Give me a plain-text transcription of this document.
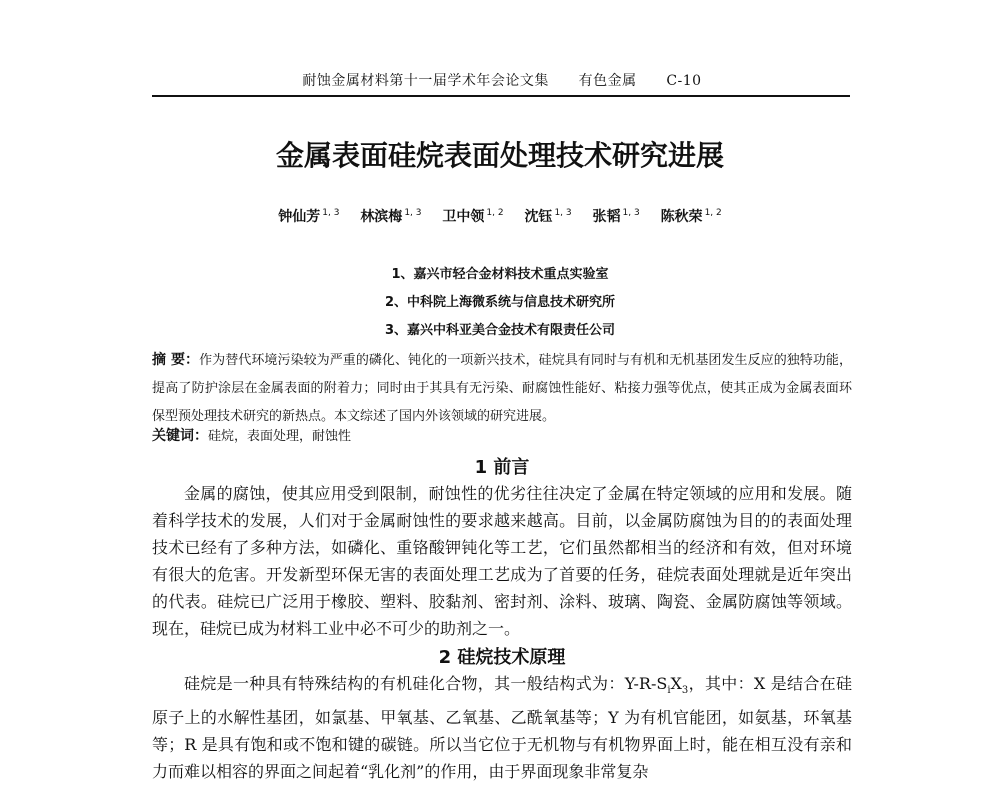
耐蚀金属材料第十一届学术年会论文集 有色金属 C-10
金属表面硅烷表面处理技术研究进展
钟仙芳 $^{1, 3}$ 林滨梅 $^{1, 3}$ 卫中领 $^{1, 2}$ 沈钰 $^{1, 3}$ 张韬 $^{1, 3}$ 陈秋荣 $^{1, 2}$
1、嘉兴市轻合金材料技术重点实验室
2、中科院上海微系统与信息技术研究所
3、嘉兴中科亚美合金技术有限责任公司
摘 要：作为替代环境污染较为严重的磷化、钝化的一项新兴技术，硅烷具有同时与有机和无机基团发生反应的独特功能，提高了防护涂层在金属表面的附着力；同时由于其具有无污染、耐腐蚀性能好、粘接力强等优点，使其正成为金属表面环保型预处理技术研究的新热点。本文综述了国内外该领域的研究进展。
关键词：硅烷，表面处理，耐蚀性
1 前言
金属的腐蚀，使其应用受到限制，耐蚀性的优劣往往决定了金属在特定领域的应用和发展。随着科学技术的发展，人们对于金属耐蚀性的要求越来越高。目前，以金属防腐蚀为目的的表面处理技术已经有了多种方法，如磷化、重铬酸钾钝化等工艺，它们虽然都相当的经济和有效，但对环境有很大的危害。开发新型环保无害的表面处理工艺成为了首要的任务，硅烷表面处理就是近年突出的代表。硅烷已广泛用于橡胶、塑料、胶黏剂、密封剂、涂料、玻璃、陶瓷、金属防腐蚀等领域。现在，硅烷已成为材料工业中必不可少的助剂之一。
2 硅烷技术原理
硅烷是一种具有特殊结构的有机硅化合物，其一般结构式为：$Y-R-S_iX_3$，其中：X 是结合在硅原子上的水解性基团，如氯基、甲氧基、乙氧基、乙酰氧基等；Y 为有机官能团，如氨基，环氧基等；R 是具有饱和或不饱和键的碳链。所以当它位于无机物与有机物界面上时，能在相互没有亲和力而难以相容的界面之间起着“乳化剂”的作用，由于界面现象非常复杂
